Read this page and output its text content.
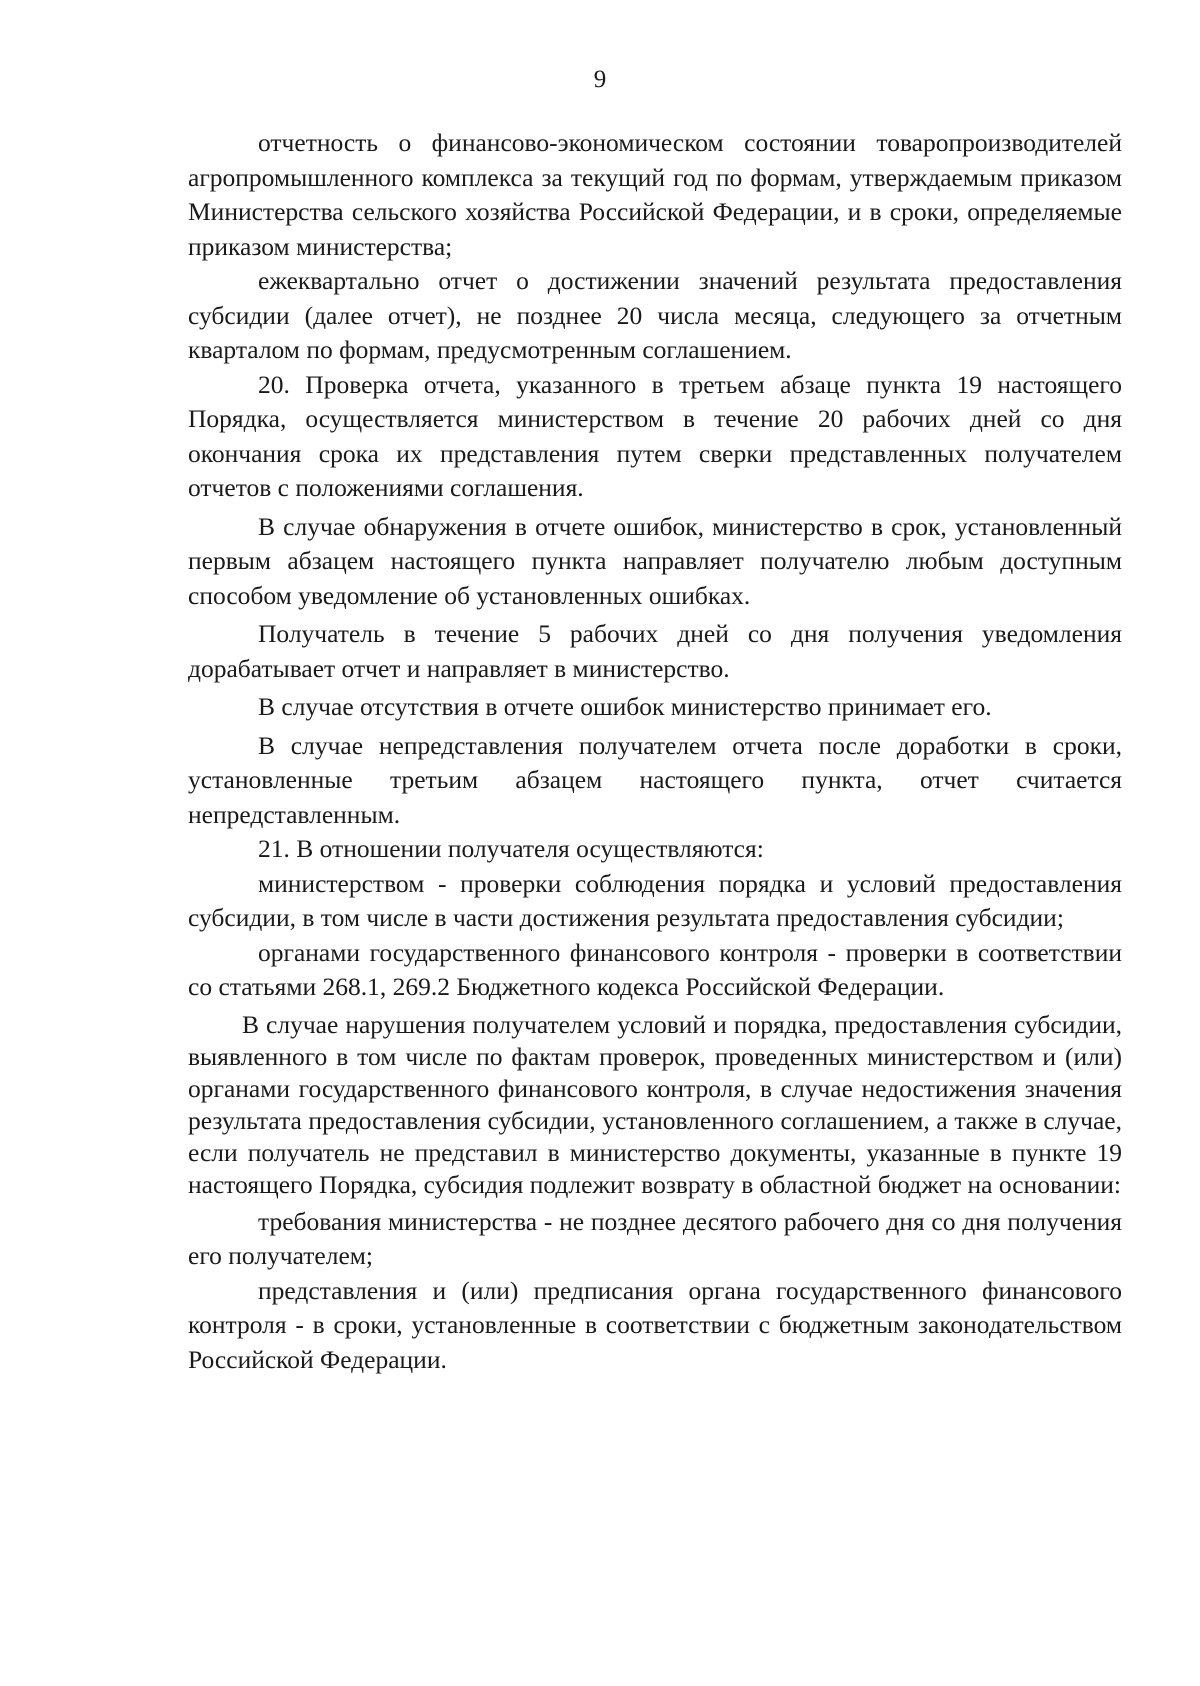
9

отчетность о финансово-экономическом состоянии товаропроизводителей агропромышленного комплекса за текущий год по формам, утверждаемым приказом Министерства сельского хозяйства Российской Федерации, и в сроки, определяемые приказом министерства;

ежеквартально отчет о достижении значений результата предоставления субсидии (далее отчет), не позднее 20 числа месяца, следующего за отчетным кварталом по формам, предусмотренным соглашением.

20. Проверка отчета, указанного в третьем абзаце пункта 19 настоящего Порядка, осуществляется министерством в течение 20 рабочих дней со дня окончания срока их представления путем сверки представленных получателем отчетов с положениями соглашения.

В случае обнаружения в отчете ошибок, министерство в срок, установленный первым абзацем настоящего пункта направляет получателю любым доступным способом уведомление об установленных ошибках.

Получатель в течение 5 рабочих дней со дня получения уведомления дорабатывает отчет и направляет в министерство.

В случае отсутствия в отчете ошибок министерство принимает его.

В случае непредставления получателем отчета после доработки в сроки, установленные третьим абзацем настоящего пункта, отчет считается непредставленным.

21. В отношении получателя осуществляются:

министерством - проверки соблюдения порядка и условий предоставления субсидии, в том числе в части достижения результата предоставления субсидии;

органами государственного финансового контроля - проверки в соответствии со статьями 268.1, 269.2 Бюджетного кодекса Российской Федерации.

В случае нарушения получателем условий и порядка, предоставления субсидии, выявленного в том числе по фактам проверок, проведенных министерством и (или) органами государственного финансового контроля, в случае недостижения значения результата предоставления субсидии, установленного соглашением, а также в случае, если получатель не представил в министерство документы, указанные в пункте 19 настоящего Порядка, субсидия подлежит возврату в областной бюджет на основании:

требования министерства - не позднее десятого рабочего дня со дня получения его получателем;

представления и (или) предписания органа государственного финансового контроля - в сроки, установленные в соответствии с бюджетным законодательством Российской Федерации.
